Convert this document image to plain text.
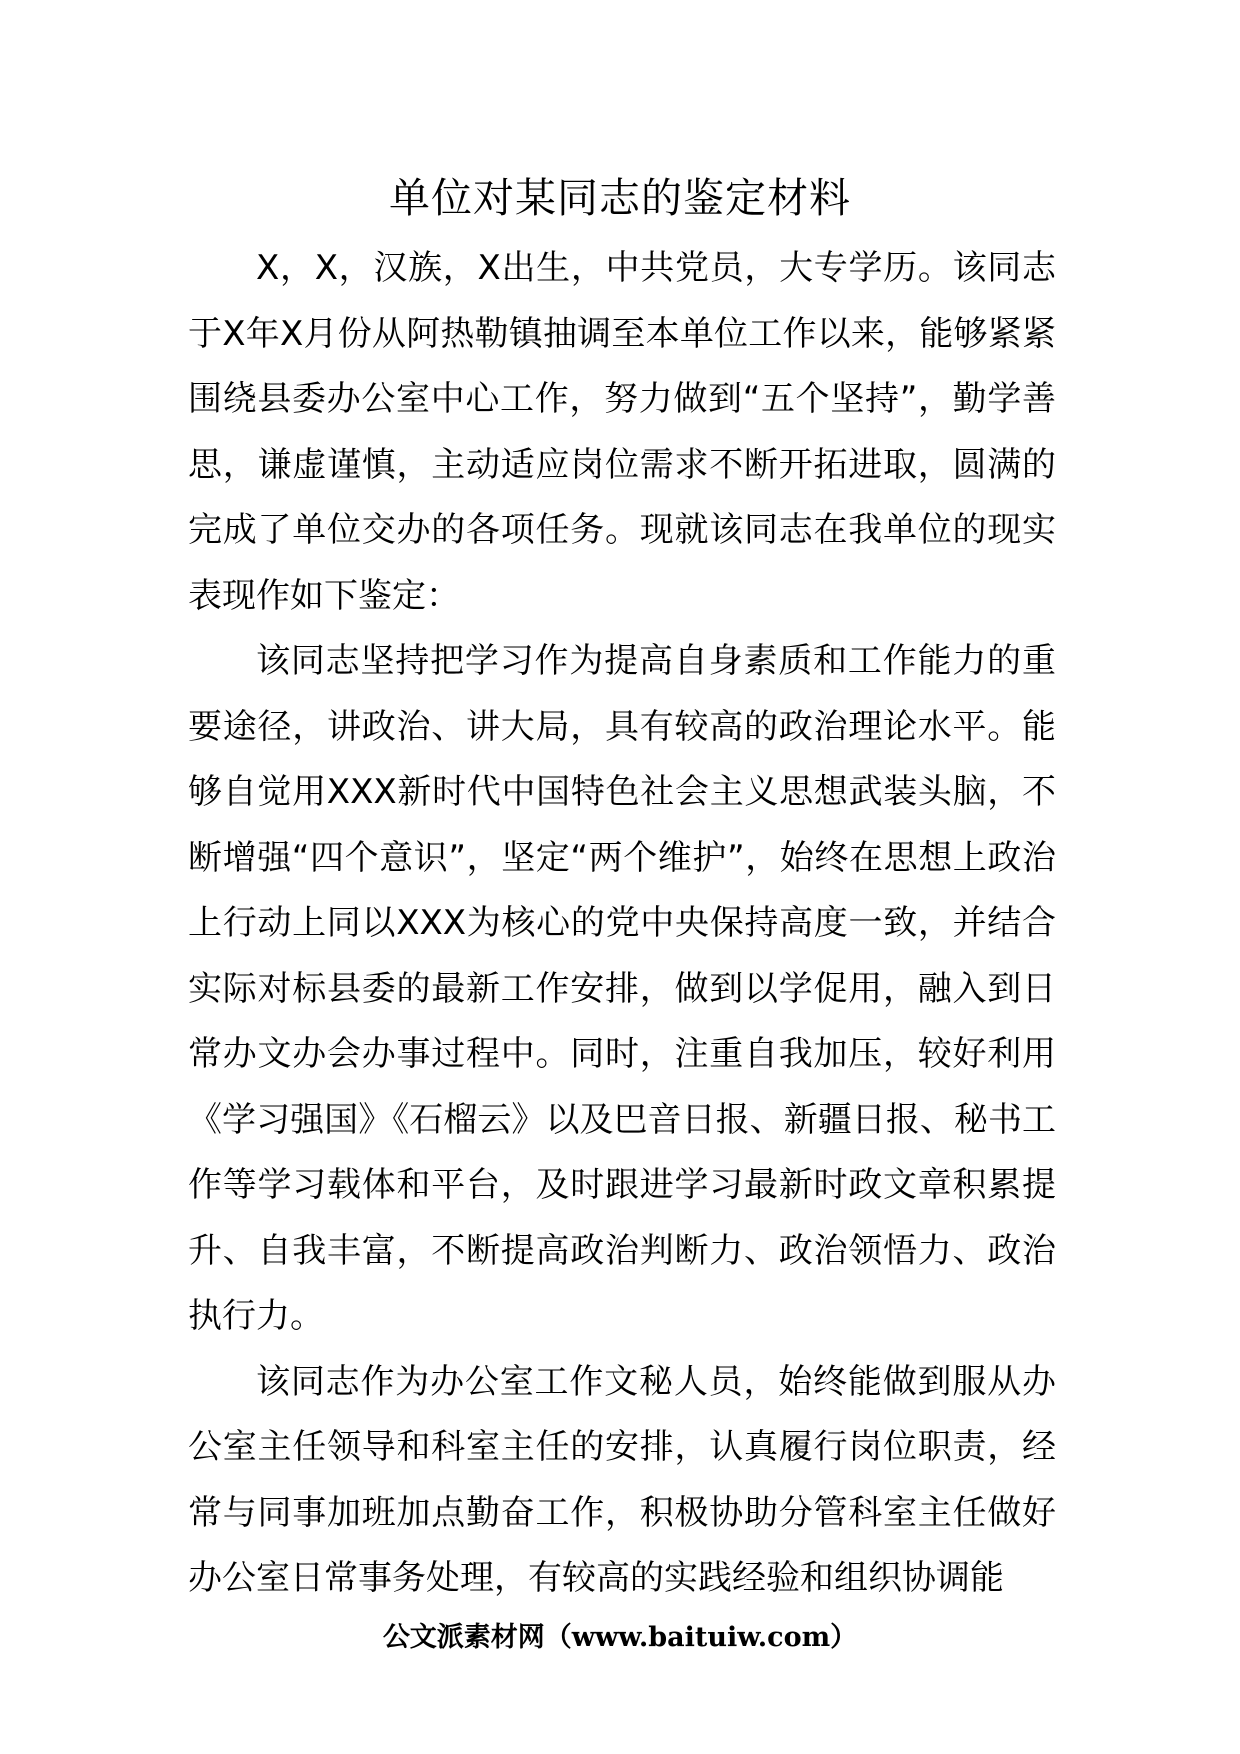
单位对某同志的鉴定材料

X，X，汉族，X出生，中共党员，大专学历。该同志于X年X月份从阿热勒镇抽调至本单位工作以来，能够紧紧围绕县委办公室中心工作，努力做到“五个坚持”，勤学善思，谦虚谨慎，主动适应岗位需求不断开拓进取，圆满的完成了单位交办的各项任务。现就该同志在我单位的现实表现作如下鉴定：

该同志坚持把学习作为提高自身素质和工作能力的重要途径，讲政治、讲大局，具有较高的政治理论水平。能够自觉用XXX新时代中国特色社会主义思想武装头脑，不断增强“四个意识”，坚定“两个维护”，始终在思想上政治上行动上同以XXX为核心的党中央保持高度一致，并结合实际对标县委的最新工作安排，做到以学促用，融入到日常办文办会办事过程中。同时，注重自我加压，较好利用《学习强国》《石榴云》以及巴音日报、新疆日报、秘书工作等学习载体和平台，及时跟进学习最新时政文章积累提升、自我丰富，不断提高政治判断力、政治领悟力、政治执行力。

该同志作为办公室工作文秘人员，始终能做到服从办公室主任领导和科室主任的安排，认真履行岗位职责，经常与同事加班加点勤奋工作，积极协助分管科室主任做好办公室日常事务处理，有较高的实践经验和组织协调能

公文派素材网（www.baituiw.com）
